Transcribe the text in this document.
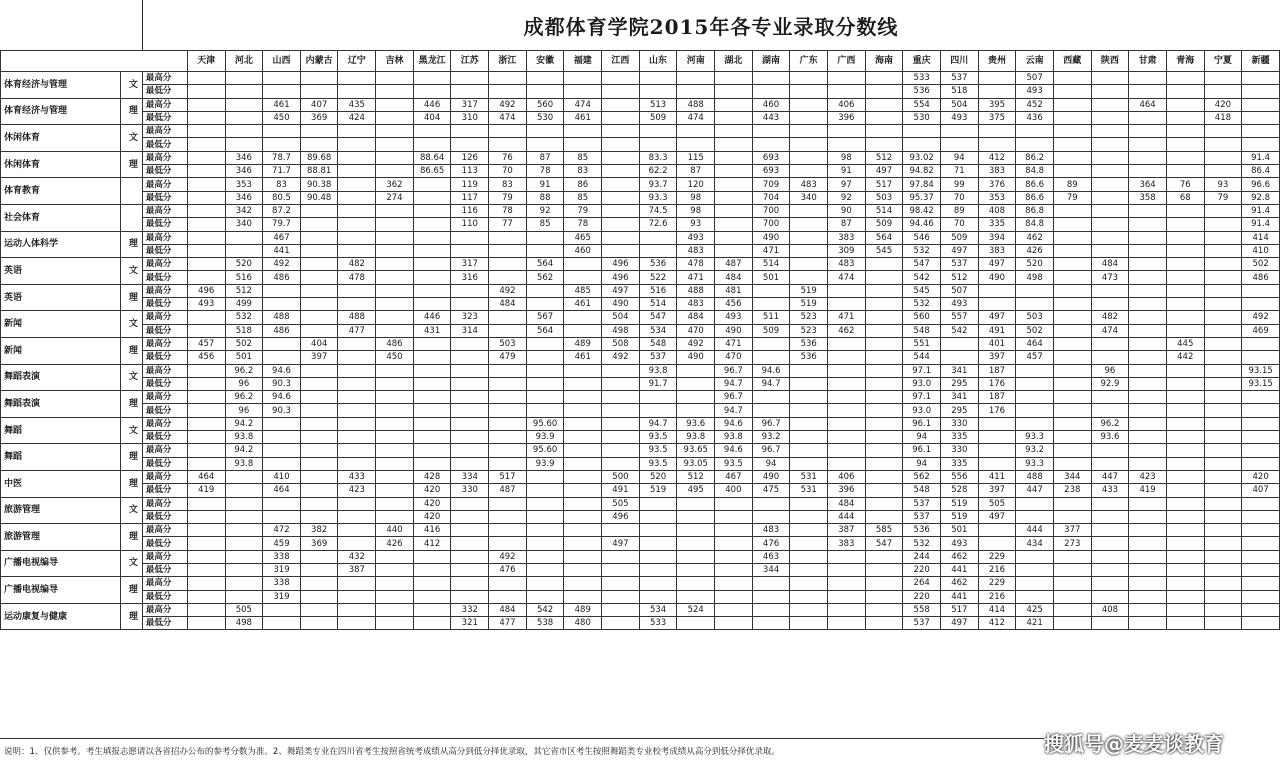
成都体育学院2015年各专业录取分数线
			天津	河北	山西	内蒙古	辽宁	吉林	黑龙江	江苏	浙江	安徽	福建	江西	山东	河南	湖北	湖南	广东	广西	海南	重庆	四川	贵州	云南	西藏	陕西	甘肃	青海	宁夏	新疆
体育经济与管理	文	最高分																				533	537		507						
		最低分																				536	518		493						
体育经济与管理	理	最高分			461	407	435		446	317	492	560	474		513	488		460		406		554	504	395	452			464		420	
		最低分			450	369	424		404	310	474	530	461		509	474		443		396		530	493	375	436					418	
休闲体育	文	最高分																													
		最低分																													
休闲体育	理	最高分		346	78.7	89.68			88.64	126	76	87	85		83.3	115		693		98	512	93.02	94	412	86.2						91.4
		最低分		346	71.7	88.81			86.65	113	70	78	83		62.2	87		693		91	497	94.82	71	383	84.8						86.4
体育教育		最高分		353	83	90.38		362		119	83	91	86		93.7	120		709	483	97	517	97.84	99	376	86.6	89		364	76	93	96.6
		最低分		346	80.5	90.48		274		117	79	88	85		93.3	98		704	340	92	503	95.37	70	353	86.6	79		358	68	79	92.8
社会体育		最高分		342	87.2					116	78	92	79		74.5	98		700		90	514	98.42	89	408	86.8						91.4
		最低分		340	79.7					110	77	85	78		72.6	93		700		87	509	94.46	70	335	84.8						91.4
运动人体科学	理	最高分			467								465			493		490		383	564	546	509	394	462						414
		最低分			441								460			483		471		309	545	532	497	383	426						410
英语	文	最高分		520	492		482			317		564		496	536	478	487	514		483		547	537	497	520		484				502
		最低分		516	486		478			316		562		496	522	471	484	501		474		542	512	490	498		473				486
英语	理	最高分	496	512							492		485	497	516	488	481		519			545	507								
		最低分	493	499							484		461	490	514	483	456		519			532	493								
新闻	文	最高分		532	488		488		446	323		567		504	547	484	493	511	523	471		560	557	497	503		482				492
		最低分		518	486		477		431	314		564		498	534	470	490	509	523	462		548	542	491	502		474				469
新闻	理	最高分	457	502		404		486			503		489	508	548	492	471		536			551		401	464				445		
		最低分	456	501		397		450			479		461	492	537	490	470		536			544		397	457				442		
舞蹈表演	文	最高分		96.2	94.6										93.8		96.7	94.6				97.1	341	187			96				93.15
		最低分		96	90.3										91.7		94.7	94.7				93.0	295	176			92.9				93.15
舞蹈表演	理	最高分		96.2	94.6												96.7					97.1	341	187							
		最低分		96	90.3												94.7					93.0	295	176							
舞蹈	文	最高分		94.2								95.60			94.7	93.6	94.6	96.7				96.1	330				96.2				
		最低分		93.8								93.9			93.5	93.8	93.8	93.2				94	335		93.3		93.6				
舞蹈	理	最高分		94.2								95.60			93.5	93.65	94.6	96.7				96.1	330		93.2						
		最低分		93.8								93.9			93.5	93.05	93.5	94				94	335		93.3						
中医	理	最高分	464		410		433		428	334	517			500	520	512	467	490	531	406		562	556	411	488	344	447	423			420
		最低分	419		464		423		420	330	487			491	519	495	400	475	531	396		548	528	397	447	238	433	419			407
旅游管理	文	最高分							420					505						484		537	519	505							
		最低分							420					496						444		537	519	497							
旅游管理	理	最高分			472	382		440	416									483		387	585	536	501		444	377					
		最低分			459	369		426	412					497				476		383	547	532	493		434	273					
广播电视编导	文	最高分			338		432				492							463				244	462	229							
		最低分			319		387				476							344				220	441	216							
广播电视编导	理	最高分			338																	264	462	229							
		最低分			319																	220	441	216							
运动康复与健康	理	最高分		505						332	484	542	489		534	524						558	517	414	425		408				
		最低分		498						321	477	538	480		533							537	497	412	421						
说明：1、仅供参考。考生填报志愿请以各省招办公布的参考分数为准。2、舞蹈类专业在四川省考生按照省统考成绩从高分到低分择优录取，其它省市区考生按照舞蹈类专业校考成绩从高分到低分择优录取。	搜狐号@麦麦谈教育
